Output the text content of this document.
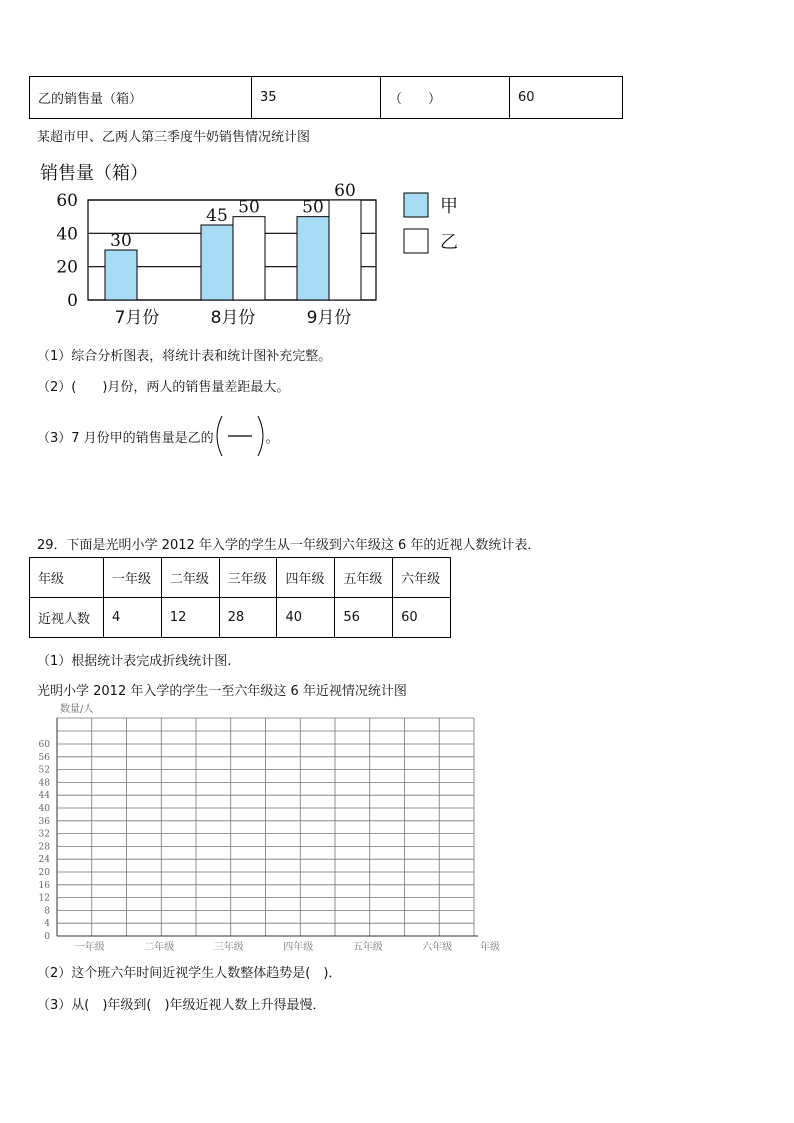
乙的销售量（箱）	35	（　　）	60
某超市甲、乙两人第三季度牛奶销售情况统计图
销售量（箱）
0
20
40
60
30
7月份
45 50
8月份
50
60
9月份
甲
乙
（1）综合分析图表，将统计表和统计图补充完整。
（2）(　　)月份，两人的销售量差距最大。
（3）7 月份甲的销售量是乙的	。
29．下面是光明小学 2012 年入学的学生从一年级到六年级这 6 年的近视人数统计表．
年级	一年级	二年级	三年级	四年级	五年级	六年级
近视人数	4	12	28	40	56	60
（1）根据统计表完成折线统计图.
光明小学 2012 年入学的学生一至六年级这 6 年近视情况统计图
数量/人
0
4
8
12
16
20
24
28
32
36
40
44
48
52
56
60
一年级	二年级	三年级	四年级	五年级	六年级	年级
（2）这个班六年时间近视学生人数整体趋势是(　)．
（3）从(　)年级到(　)年级近视人数上升得最慢．
